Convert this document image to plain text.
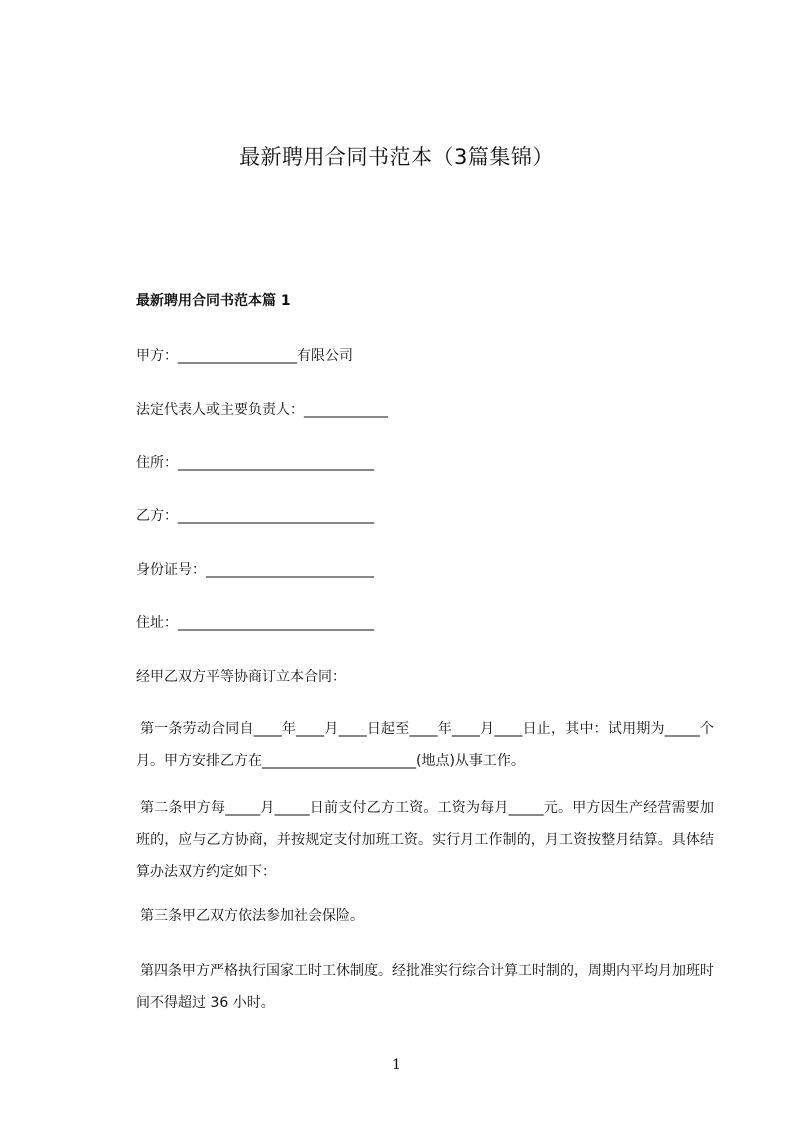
最新聘用合同书范本（3篇集锦）
最新聘用合同书范本篇 1
甲方：_________________有限公司
法定代表人或主要负责人：____________
住所：____________________________
乙方：____________________________
身份证号：________________________
住址：____________________________
经甲乙双方平等协商订立本合同：
第一条劳动合同自____年____月____日起至____年____月____日止，其中：试用期为_____个月。甲方安排乙方在______________________(地点)从事工作。
第二条甲方每_____月_____日前支付乙方工资。工资为每月_____元。甲方因生产经营需要加班的，应与乙方协商，并按规定支付加班工资。实行月工作制的，月工资按整月结算。具体结算办法双方约定如下：
第三条甲乙双方依法参加社会保险。
第四条甲方严格执行国家工时工休制度。经批准实行综合计算工时制的，周期内平均月加班时间不得超过 36 小时。
1
